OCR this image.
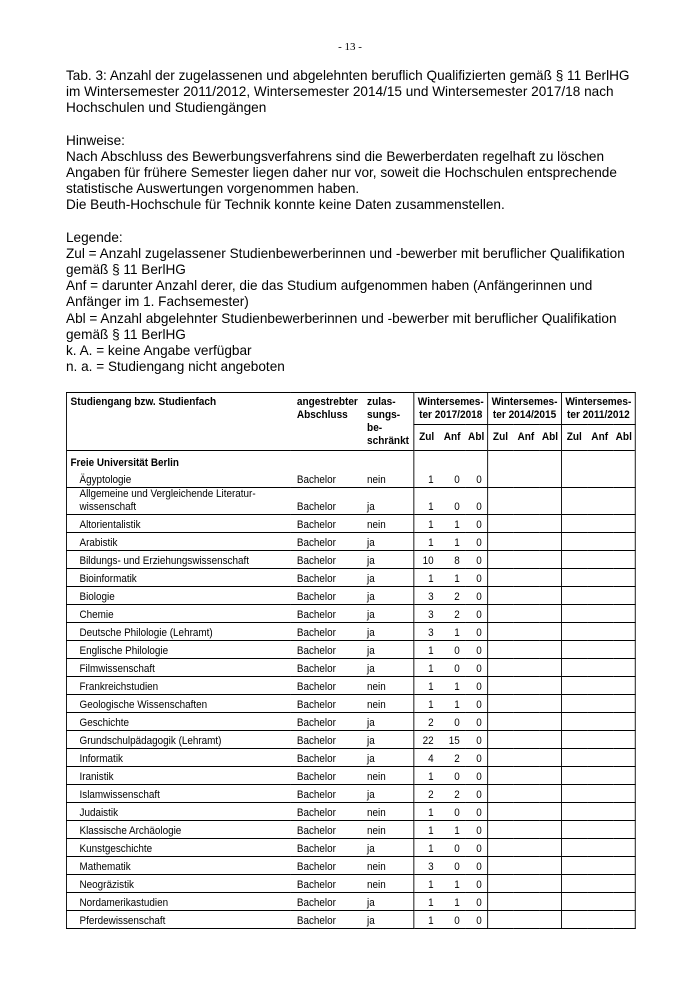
- 13 -

Tab. 3: Anzahl der zugelassenen und abgelehnten beruflich Qualifizierten gemäß § 11 BerlHG im Wintersemester 2011/2012, Wintersemester 2014/15 und Wintersemester 2017/18 nach Hochschulen und Studiengängen

Hinweise:

Nach Abschluss des Bewerbungsverfahrens sind die Bewerberdaten regelhaft zu löschen Angaben für frühere Semester liegen daher nur vor, soweit die Hochschulen entsprechende statistische Auswertungen vorgenommen haben.

Die Beuth-Hochschule für Technik konnte keine Daten zusammenstellen.

Legende:

Zul = Anzahl zugelassener Studienbewerberinnen und -bewerber mit beruflicher Qualifikation gemäß § 11 BerlHG

Anf = darunter Anzahl derer, die das Studium aufgenommen haben (Anfängerinnen und Anfänger im 1. Fachsemester)

Abl = Anzahl abgelehnter Studienbewerberinnen und -bewerber mit beruflicher Qualifikation gemäß § 11 BerlHG

k. A. = keine Angabe verfügbar

n. a. = Studiengang nicht angeboten

Studiengang bzw. Studienfach	angestrebter Abschluss	zulas-sungs-be-schränkt	Wintersemes-ter 2017/2018			Wintersemes-ter 2014/2015			Wintersemes-ter 2011/2012		
			Zul	Anf	Abl	Zul	Anf	Abl	Zul	Anf	Abl

Freie Universität Berlin											
Ägyptologie	Bachelor	nein	1	0	0						
Allgemeine und Vergleichende Literatur-wissenschaft	Bachelor	ja	1	0	0						
Altorientalistik	Bachelor	nein	1	1	0						
Arabistik	Bachelor	ja	1	1	0						
Bildungs- und Erziehungswissenschaft	Bachelor	ja	10	8	0						
Bioinformatik	Bachelor	ja	1	1	0						
Biologie	Bachelor	ja	3	2	0						
Chemie	Bachelor	ja	3	2	0						
Deutsche Philologie (Lehramt)	Bachelor	ja	3	1	0						
Englische Philologie	Bachelor	ja	1	0	0						
Filmwissenschaft	Bachelor	ja	1	0	0						
Frankreichstudien	Bachelor	nein	1	1	0						
Geologische Wissenschaften	Bachelor	nein	1	1	0						
Geschichte	Bachelor	ja	2	0	0						
Grundschulpädagogik (Lehramt)	Bachelor	ja	22	15	0						
Informatik	Bachelor	ja	4	2	0						
Iranistik	Bachelor	nein	1	0	0						
Islamwissenschaft	Bachelor	ja	2	2	0						
Judaistik	Bachelor	nein	1	0	0						
Klassische Archäologie	Bachelor	nein	1	1	0						
Kunstgeschichte	Bachelor	ja	1	0	0						
Mathematik	Bachelor	nein	3	0	0						
Neogräzistik	Bachelor	nein	1	1	0						
Nordamerikastudien	Bachelor	ja	1	1	0						
Pferdewissenschaft	Bachelor	ja	1	0	0						
